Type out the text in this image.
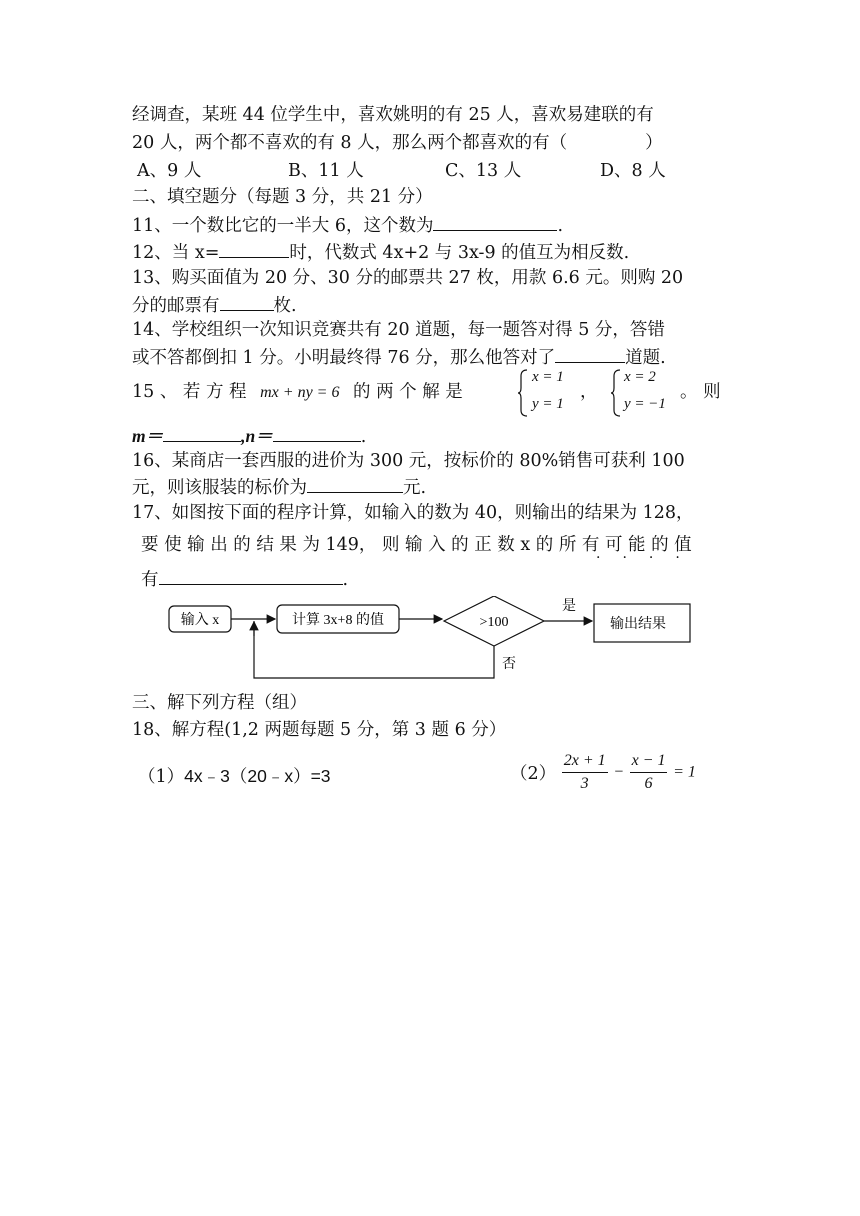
经调查，某班 44 位学生中，喜欢姚明的有 25 人，喜欢易建联的有
20 人，两个都不喜欢的有 8 人，那么两个都喜欢的有（	）
A、9 人	B、11 人	C、13 人	D、8 人
二、填空题分（每题 3 分，共 21 分）
11、一个数比它的一半大 6，这个数为	.
12、当 x=	时，代数式 4x+2 与 3x-9 的值互为相反数.
13、购买面值为 20 分、30 分的邮票共 27 枚，用款 6.6 元。则购 20
分的邮票有	枚.
14、学校组织一次知识竞赛共有 20 道题，每一题答对得 5 分，答错
或不答都倒扣 1 分。小明最终得 76 分，那么他答对了	道题.
15 、 若 方 程 mx + ny = 6 的 两 个 解 是
x = 1
y = 1
，
x = 2
y = −1
。 则
m＝	,n＝	.
16、某商店一套西服的进价为 300 元，按标价的 80%销售可获利 100
元，则该服装的标价为	元.
17、如图按下面的程序计算，如输入的数为 40，则输出的结果为 128，
要 使 输 出 的 结 果 为 149， 则 输 入 的 正 数 x 的 所 有 可 能 的 值
····
有	.
输入 x	计算 3x+8 的值	>100
是
输出结果
否
三、解下列方程（组）
18、解方程(1,2 两题每题 5 分，第 3 题 6 分）
（1）4x﹣3（20﹣x）=3	$(2) \frac{2x + 1}{3} - \frac{x - 1}{6} = 1$
